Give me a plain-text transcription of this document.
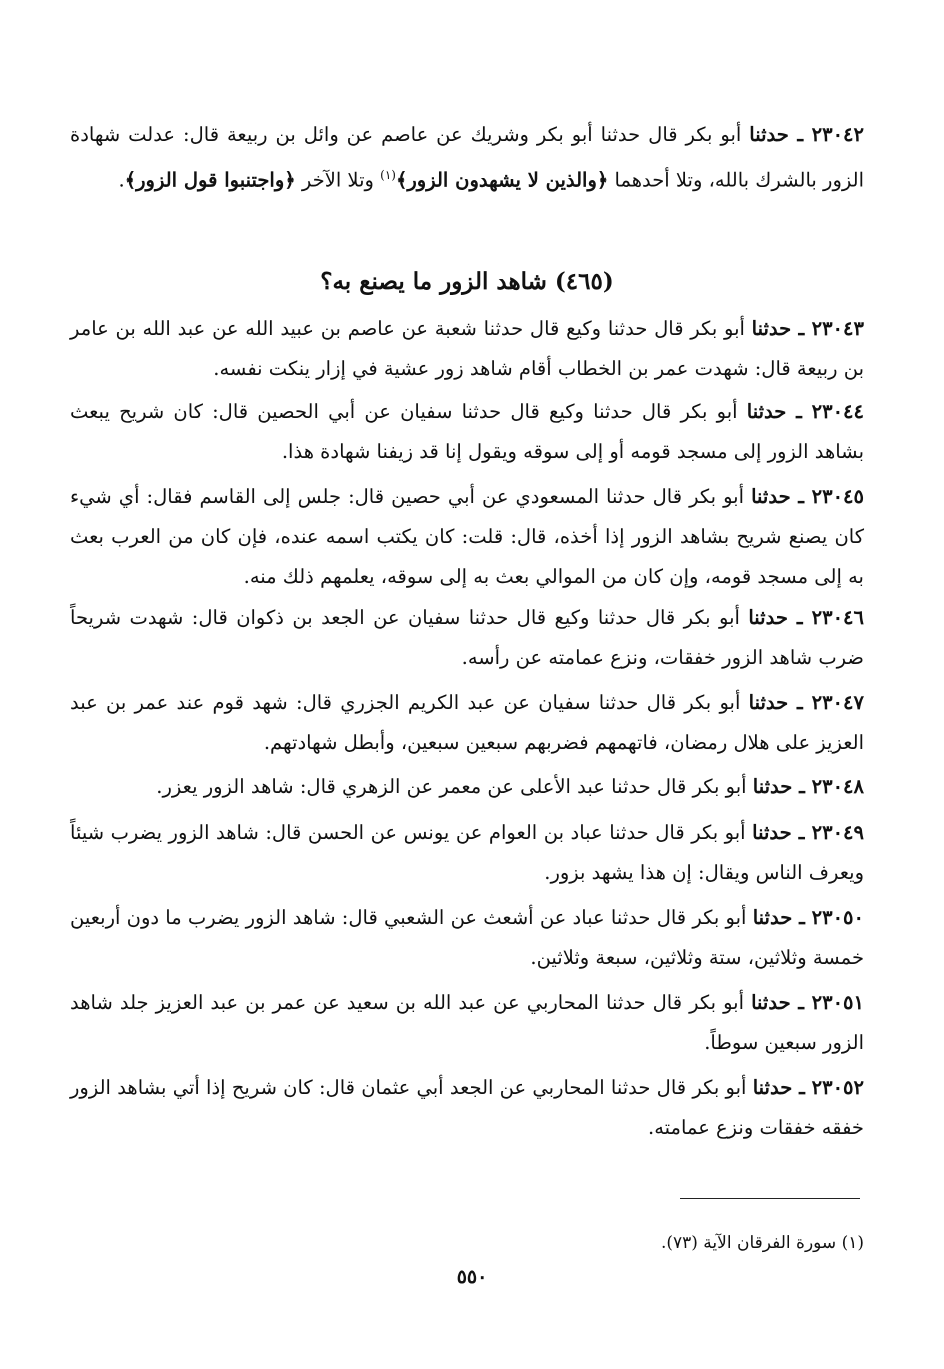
٢٣٠٤٢ ـ حدثنا أبو بكر قال حدثنا أبو بكر وشريك عن عاصم عن وائل بن ربيعة قال: عدلت شهادة الزور بالشرك بالله، وتلا أحدهما ﴿والذين لا يشهدون الزور﴾$^{(١)}$ وتلا الآخر ﴿واجتنبوا قول الزور﴾.

(٤٦٥) شاهد الزور ما يصنع به؟

٢٣٠٤٣ ـ حدثنا أبو بكر قال حدثنا وكيع قال حدثنا شعبة عن عاصم بن عبيد الله عن عبد الله بن عامر بن ربيعة قال: شهدت عمر بن الخطاب أقام شاهد زور عشية في إزار ينكت نفسه.

٢٣٠٤٤ ـ حدثنا أبو بكر قال حدثنا وكيع قال حدثنا سفيان عن أبي الحصين قال: كان شريح يبعث بشاهد الزور إلى مسجد قومه أو إلى سوقه ويقول إنا قد زيفنا شهادة هذا.

٢٣٠٤٥ ـ حدثنا أبو بكر قال حدثنا المسعودي عن أبي حصين قال: جلس إلى القاسم فقال: أي شيء كان يصنع شريح بشاهد الزور إذا أخذه، قال: قلت: كان يكتب اسمه عنده، فإن كان من العرب بعث به إلى مسجد قومه، وإن كان من الموالي بعث به إلى سوقه، يعلمهم ذلك منه.

٢٣٠٤٦ ـ حدثنا أبو بكر قال حدثنا وكيع قال حدثنا سفيان عن الجعد بن ذكوان قال: شهدت شريحاً ضرب شاهد الزور خفقات، ونزع عمامته عن رأسه.

٢٣٠٤٧ ـ حدثنا أبو بكر قال حدثنا سفيان عن عبد الكريم الجزري قال: شهد قوم عند عمر بن عبد العزيز على هلال رمضان، فاتهمهم فضربهم سبعين سبعين، وأبطل شهادتهم.

٢٣٠٤٨ ـ حدثنا أبو بكر قال حدثنا عبد الأعلى عن معمر عن الزهري قال: شاهد الزور يعزر.

٢٣٠٤٩ ـ حدثنا أبو بكر قال حدثنا عباد بن العوام عن يونس عن الحسن قال: شاهد الزور يضرب شيئاً ويعرف الناس ويقال: إن هذا يشهد بزور.

٢٣٠٥٠ ـ حدثنا أبو بكر قال حدثنا عباد عن أشعث عن الشعبي قال: شاهد الزور يضرب ما دون أربعين خمسة وثلاثين، ستة وثلاثين، سبعة وثلاثين.

٢٣٠٥١ ـ حدثنا أبو بكر قال حدثنا المحاربي عن عبد الله بن سعيد عن عمر بن عبد العزيز جلد شاهد الزور سبعين سوطاً.

٢٣٠٥٢ ـ حدثنا أبو بكر قال حدثنا المحاربي عن الجعد أبي عثمان قال: كان شريح إذا أتي بشاهد الزور خفقه خفقات ونزع عمامته.

(١) سورة الفرقان الآية (٧٣).
٥٥٠
